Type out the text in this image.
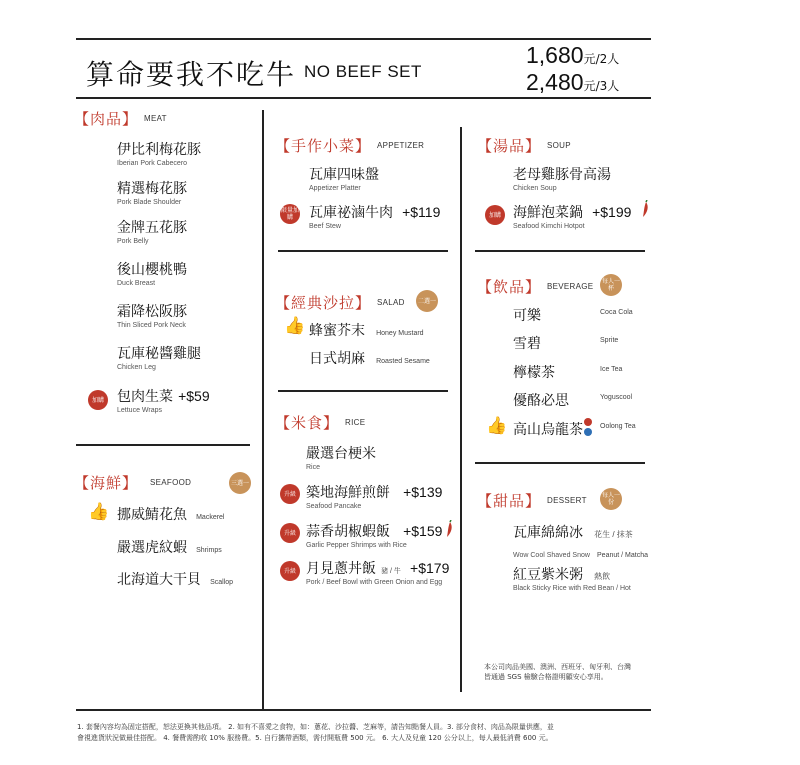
算命要我不吃牛 NO BEEF SET
1,680元/2人
2,480元/3人
【肉品】 MEAT
伊比利梅花豚
Iberian Pork Cabecero
精選梅花豚
Pork Blade Shoulder
金牌五花豚
Pork Belly
後山櫻桃鴨
Duck Breast
霜降松阪豚
Thin Sliced Pork Neck
瓦庫秘醬雞腿
Chicken Leg
加購 包肉生菜 +$59
Lettuce Wraps
【海鮮】 SEAFOOD	三選一
👍 挪威鯖花魚 Mackerel
嚴選虎紋蝦 Shrimps
北海道大干貝 Scallop
【手作小菜】 APPETIZER
瓦庫四味盤
Appetizer Platter
限量加購	瓦庫祕滷牛肉 +$119
Beef Stew
【經典沙拉】 SALAD	二選一
👍 蜂蜜芥末 Honey Mustard
日式胡麻 Roasted Sesame
【米食】 RICE
嚴選台梗米
Rice
升級 築地海鮮煎餅 +$139
Seafood Pancake
升級 蒜香胡椒蝦飯 +$159
Garlic Pepper Shrimps with Rice
升級 月見蔥丼飯 豬 / 牛 +$179
Pork / Beef Bowl with Green Onion and Egg
【湯品】 SOUP
老母雞豚骨高湯
Chicken Soup
加購 海鮮泡菜鍋 +$199
Seafood Kimchi Hotpot
【飲品】 BEVERAGE
每人一杯
可樂	Coca Cola
雪碧	Sprite
檸檬茶	Ice Tea
優酪必思	Yoguscool
👍 高山烏龍茶 Oolong Tea
【甜品】 DESSERT
每人一份
瓦庫綿綿冰 花生 / 抹茶
Wow Cool Shaved Snow Peanut / Matcha
紅豆紫米粥 熱飲
Black Sticky Rice with Red Bean / Hot
本公司肉品美國、澳洲、西班牙、匈牙利、台灣皆通過 SGS 檢驗合格證明顧安心享用。
1. 套餐內容均為固定搭配，恕法更換其他品項。 2. 如有不喜愛之食物，如：蔥花、沙拉醬、芝麻等，請告知點餐人員。3. 部分食材、肉品為限量供應，並
會視進貨狀況做最佳搭配。 4. 餐費需酌收 10% 服務費。5. 自行攜帶酒類，需付開瓶費 500 元。 6. 大人及兒童 120 公分以上，每人最低消費 600 元。
